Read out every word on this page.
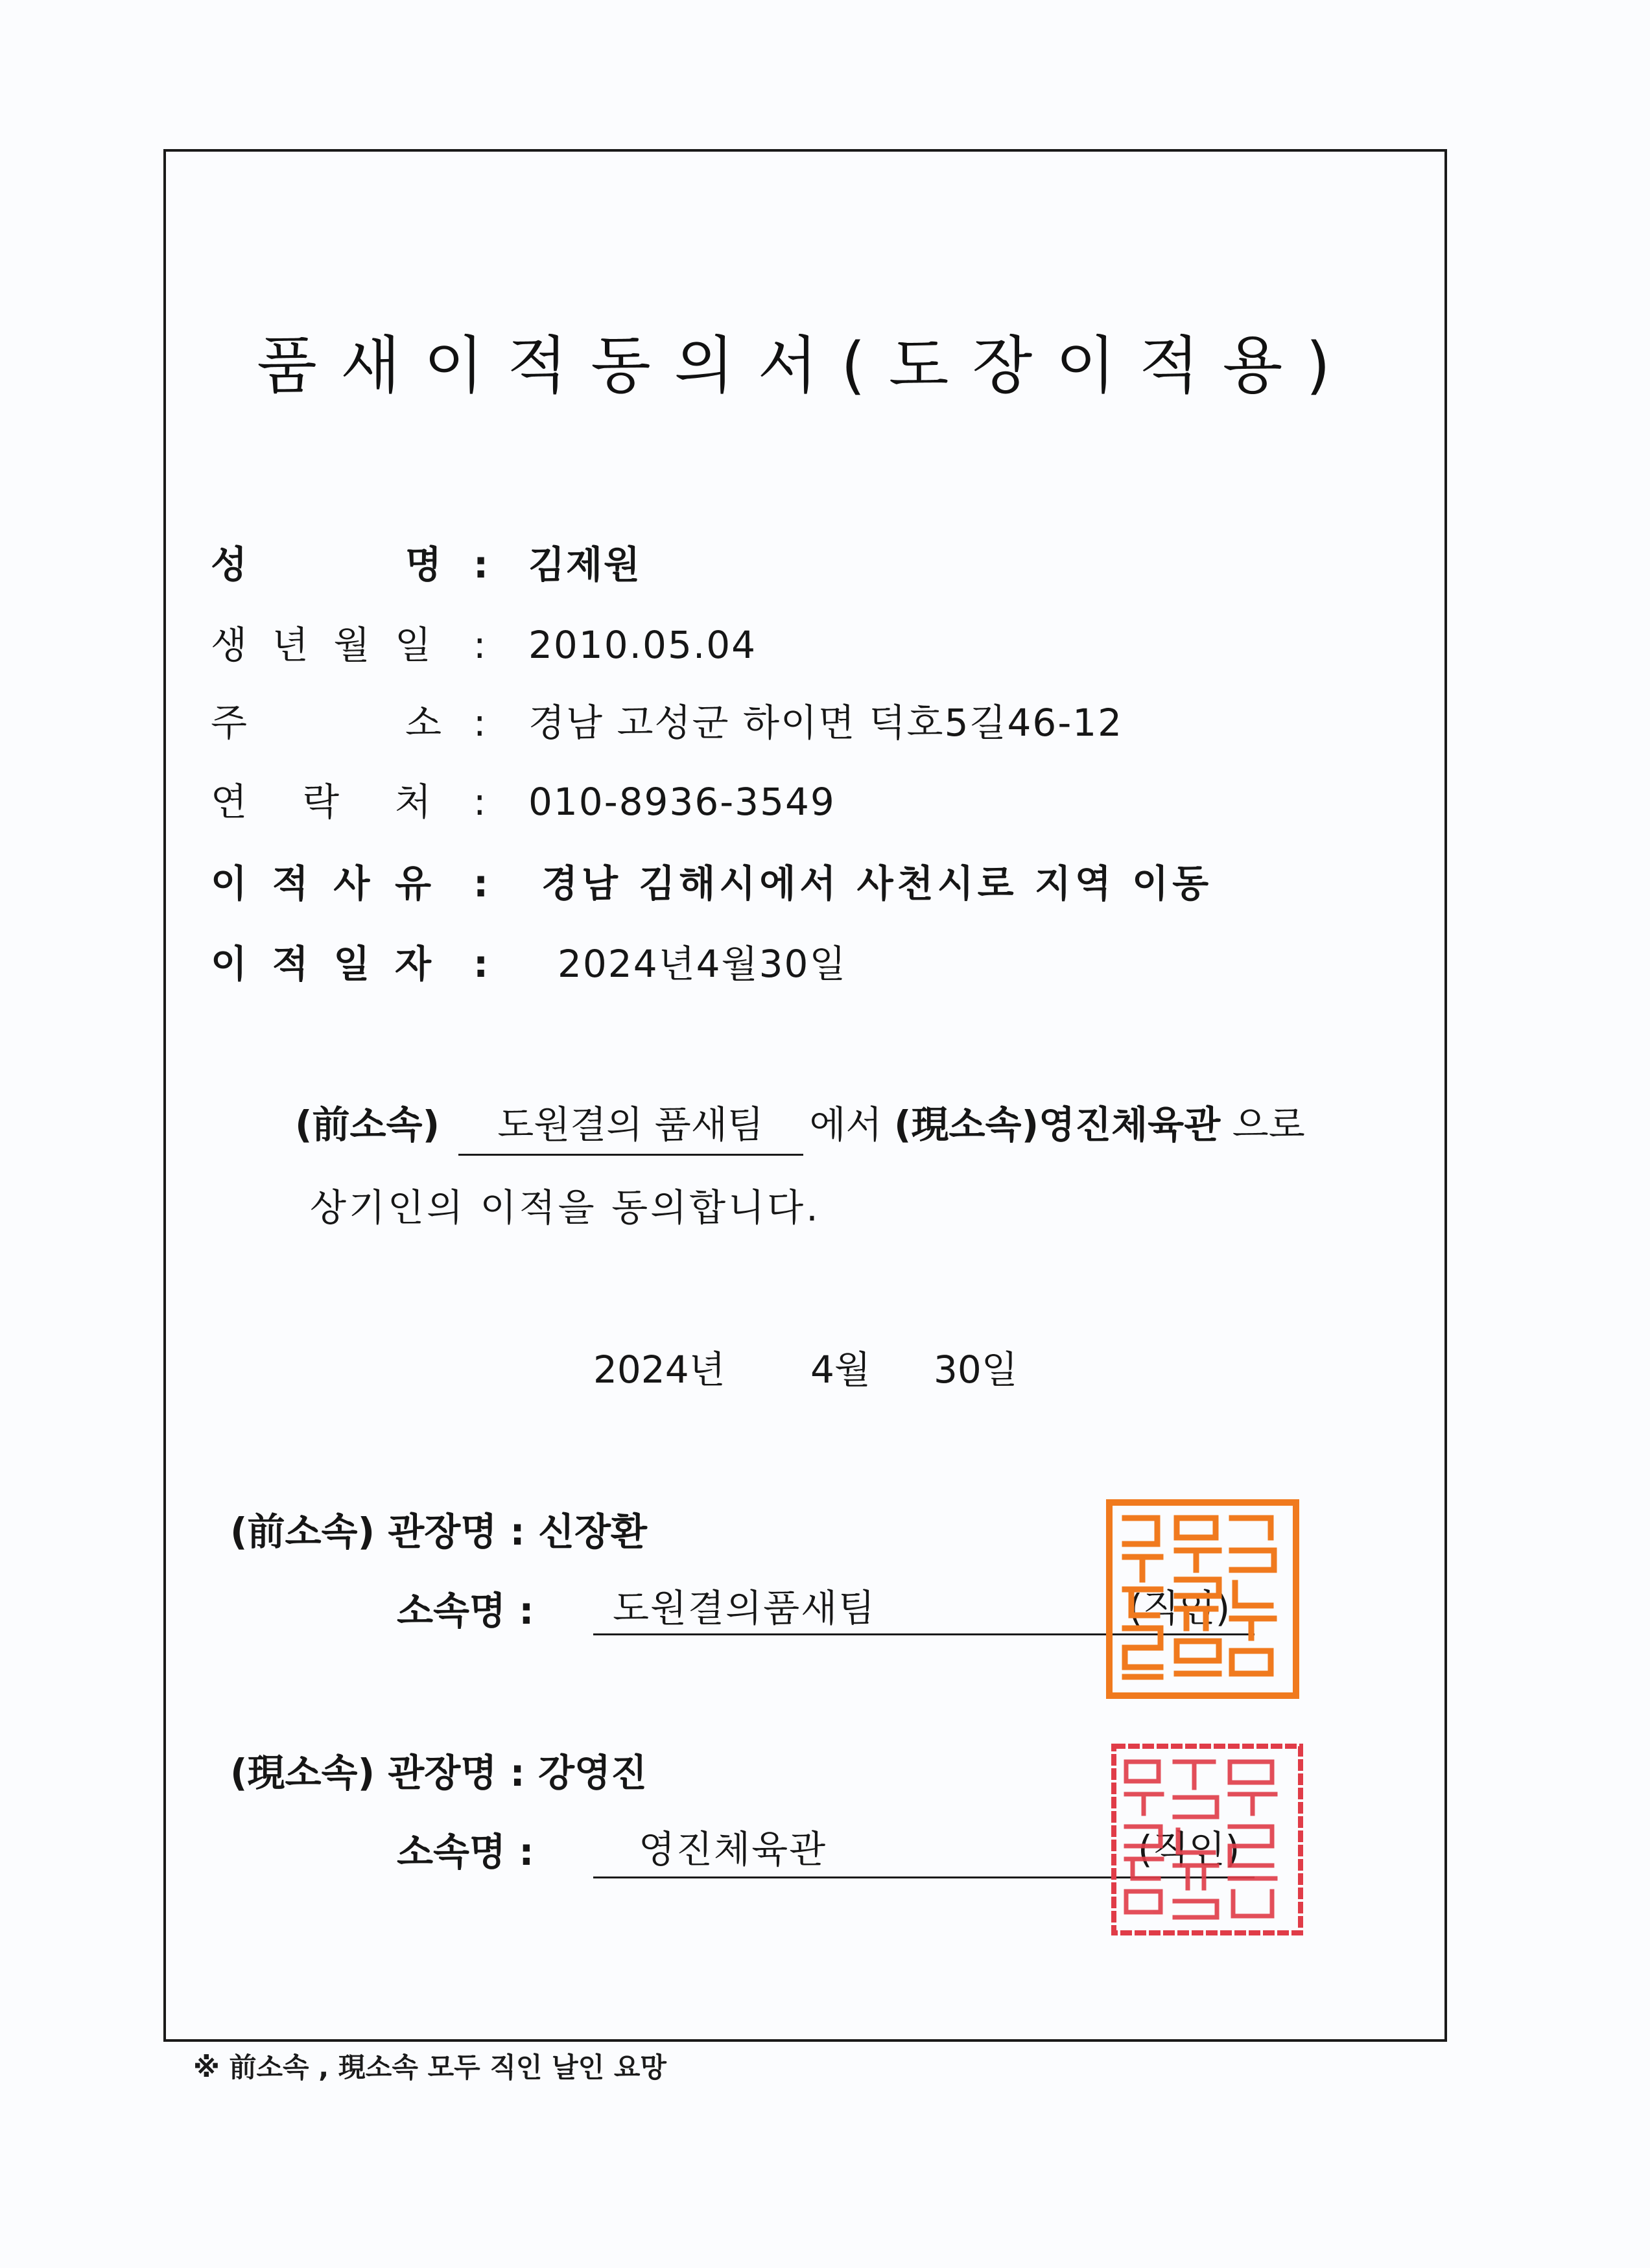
품새이적동의서(도장이적용)
성	명 : 김제원
생 년 월 일 : 2010.05.04
주	소 : 경남 고성군 하이면 덕호5길46-12
연 락 처 : 010-8936-3549
이 적 사 유 : 경남 김해시에서 사천시로 지역 이동
이 적 일 자 : 2024년4월30일
(前소속) 도원결의 품새팀 에서 (現소속)영진체육관 으로
상기인의 이적을 동의합니다.
2024년 4월 30일
(前소속) 관장명 : 신장환
소속명 : 도원결의품새팀	(직인)
(現소속) 관장명 : 강영진
소속명 :	영진체육관	(직인)
※ 前소속 , 現소속 모두 직인 날인 요망
